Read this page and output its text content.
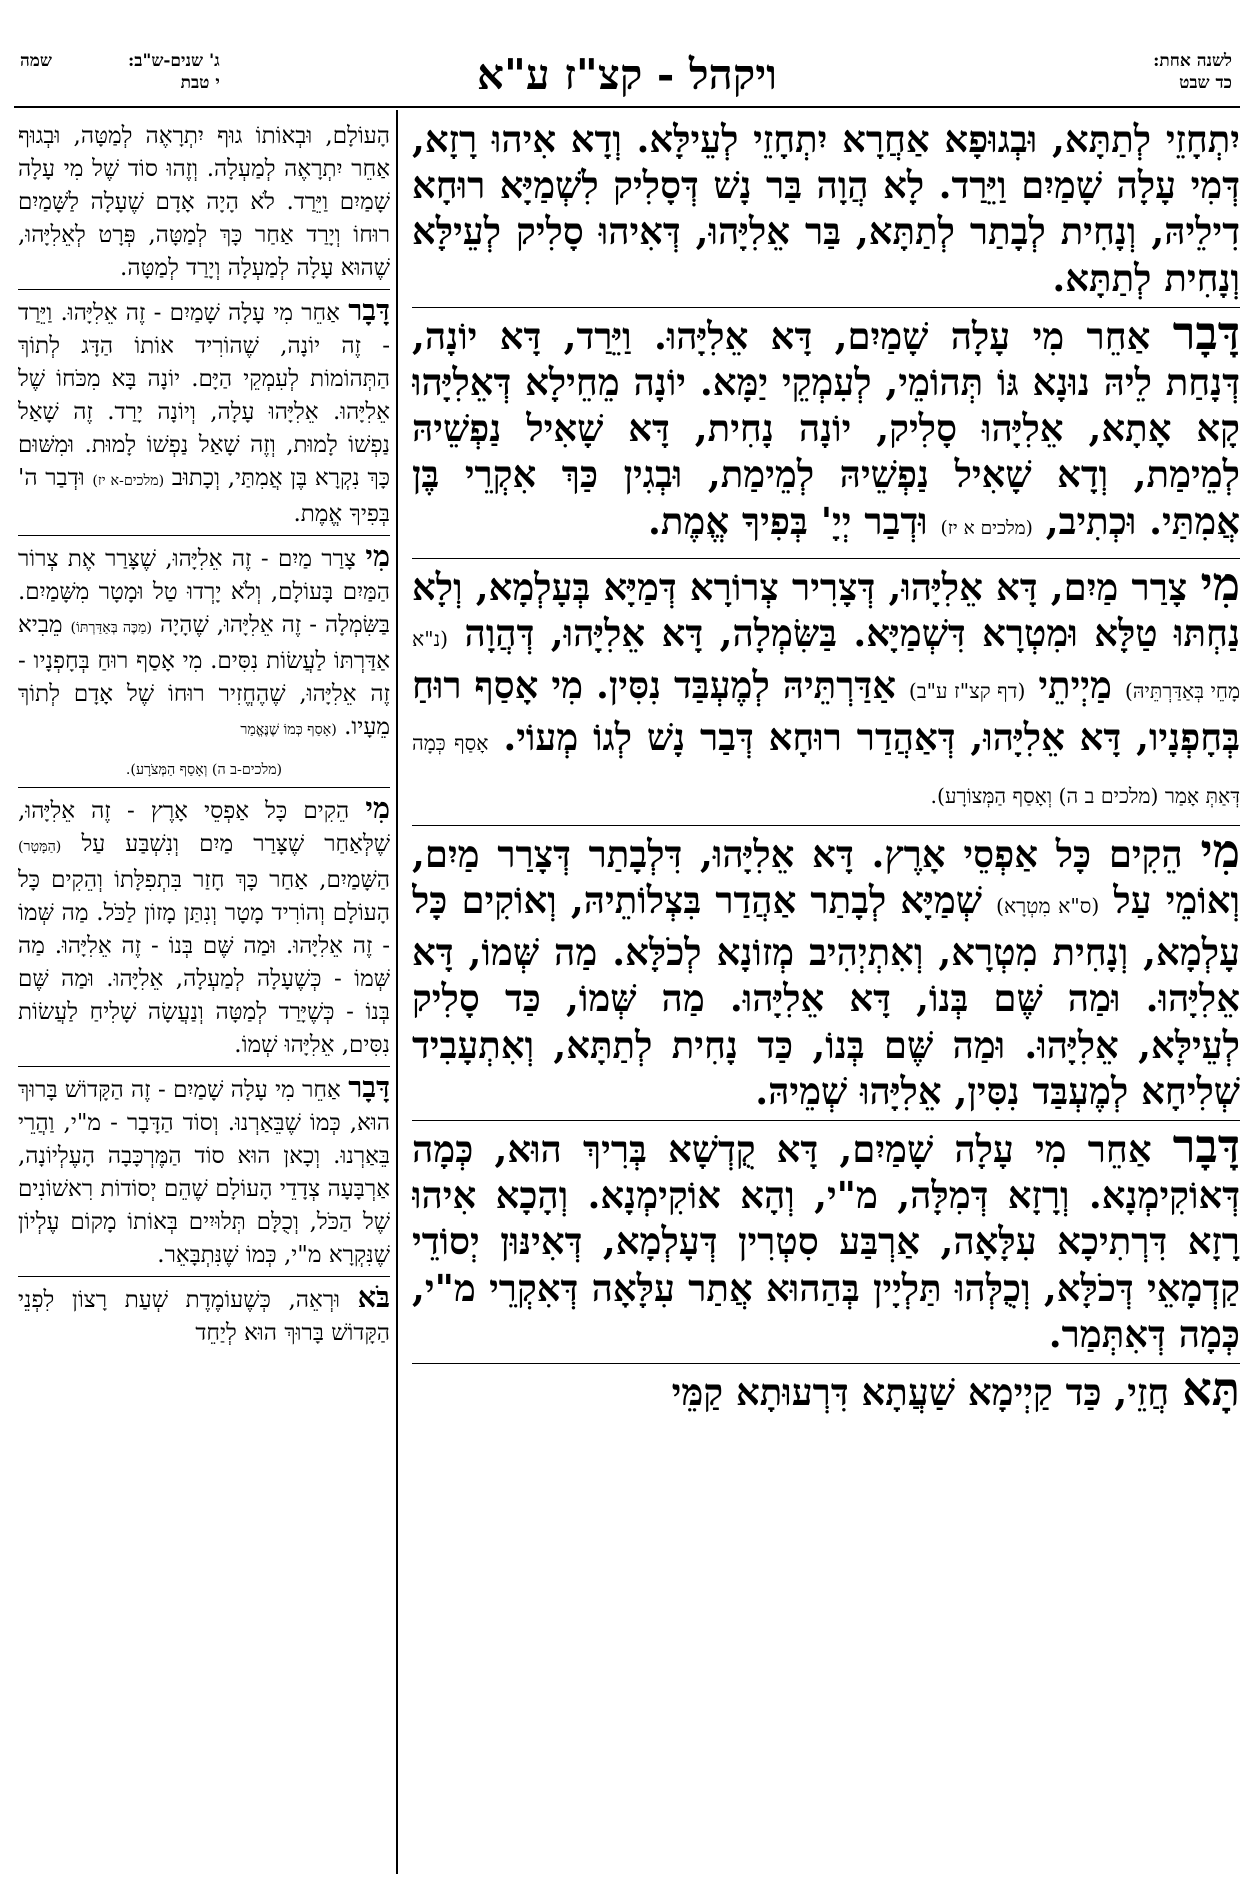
לשנה אחת:
כד שבט
ויקהל - קצ"ז ע"א
ג' שנים-ש"ב:
י טבת
שמה

יִתְחָזֵי לְתַתָּא, וּבְגוּפָא אַחֲרָא יִתְחָזֵי לְעֵילָּא. וְדָא אִיהוּ רָזָא, דְּמִי עָלָה שָׁמַיִם וַיֵּרַד. לָא הֲוָה בַּר נָשׁ דְּסָלִיק לִשְׁמַיָּא רוּחָא דִילֵיהּ, וְנָחִית לְבָתַר לְתַתָּא, בַּר אֵלִיָּהוּ, דְּאִיהוּ סָלִיק לְעֵילָּא וְנָחִית לְתַתָּא.

דָּבָר אַחֵר מִי עָלָה שָׁמַיִם, דָּא אֵלִיָּהוּ. וַיֵּרַד, דָּא יוֹנָה, דְּנָחַת לֵיהּ נוּנָא גּוֹ תְּהוֹמֵי, לְעִמְקֵי יַמָּא. יוֹנָה מֵחֵילָא דְּאֵלִיָּהוּ קָא אָתָא, אֵלִיָּהוּ סָלִיק, יוֹנָה נָחִית, דָּא שָׁאִיל נַפְשֵׁיהּ לְמֵימַת, וְדָא שָׁאִיל נַפְשֵׁיהּ לְמֵימַת, וּבְגִין כַּךְ אִקְרֵי בֶּן אֲמִתַּי. וּכְתִיב, (מלכים א יז) וּדְבַר יְיָ' בְּפִיךָ אֱמֶת.

מִי צָרַר מַיִם, דָּא אֵלִיָּהוּ, דְּצָרִיר צְרוֹרָא דְּמַיָּא בְּעָלְמָא, וְלָא נַחְתּוּ טַלָּא וּמִטְרָא דִּשְׁמַיָּא. בַּשִּׂמְלָה, דָּא אֵלִיָּהוּ, דְּהֲוָה (נ"א מָחֵי בְּאַדַּרְתֵּיהּ) מַיְיתֵי (דף קצ"ז ע"ב) אַדַּרְתֵּיהּ לְמֶעְבַּד נִסִּין. מִי אָסַף רוּחַ בְּחָפְנָיו, דָּא אֵלִיָּהוּ, דְּאַהֲדַר רוּחָא דְּבַר נָשׁ לְגוֹ מְעוֹי. אָסַף כְּמָה דְּאַתְּ אָמַר (מלכים ב ה) וְאָסַף הַמְּצוֹרָע).

מִי הֵקִים כָּל אַפְסֵי אָרֶץ. דָּא אֵלִיָּהוּ, דִּלְבָתַר דְּצָרַר מַיִם, וְאוֹמֵי עַל (ס"א מִטְרָא) שְׁמַיָּא לְבָתַר אַהֲדַר בִּצְלוֹתֵיהּ, וְאוֹקִים כָּל עָלְמָא, וְנָחִית מִטְרָא, וְאִתְיְהִיב מְזוֹנָא לְכֹלָּא. מַה שְּׁמוֹ, דָּא אֵלִיָּהוּ. וּמַה שֶּׁם בְּנוֹ, דָּא אֵלִיָּהוּ. מַה שְּׁמוֹ, כַּד סָלִיק לְעֵילָּא, אֵלִיָּהוּ. וּמַה שֶּׁם בְּנוֹ, כַּד נָחִית לְתַתָּא, וְאִתְעָבִיד שְׁלִיחָא לְמֶעְבַּד נִסִּין, אֵלִיָּהוּ שְׁמֵיהּ.

דָּבָר אַחֵר מִי עָלָה שָׁמַיִם, דָּא קֻדְשָׁא בְּרִיךְ הוּא, כְּמָה דְּאוֹקִימְנָא. וְרָזָא דְּמִלָּה, מ"י, וְהָא אוֹקִימְנָא. וְהָכָא אִיהוּ רָזָא דִּרְתִיכָא עִלָּאָה, אַרְבַּע סִטְרִין דְּעָלְמָא, דְּאִינּוּן יְסוֹדֵי קַדְמָאֵי דְּכֹלָּא, וְכֻלְּהוּ תַּלְיָין בְּהַהוּא אֲתַר עִלָּאָה דְּאִקְרֵי מ"י, כְּמָה דְּאִתְּמַר.

תָּא חֲזֵי, כַּד קַיְימָא שַׁעֲתָא דִּרְעוּתָא קַמֵּי

הָעוֹלָם, וּבְאוֹתוֹ גוּף יִתְרָאֶה לְמַטָּה, וּבְגוּף אַחֵר יִתְרָאֶה לְמַעְלָה. וְזֶהוּ סוֹד שֶׁל מִי עָלָה שָׁמַיִם וַיֵּרַד. לֹא הָיָה אָדָם שֶׁעָלָה לַשָּׁמַיִם רוּחוֹ וְיָרַד אַחַר כָּךְ לְמַטָּה, פְּרָט לְאֵלִיָּהוּ, שֶׁהוּא עָלָה לְמַעְלָה וְיָרַד לְמַטָּה.

דָּבָר אַחֵר מִי עָלָה שָׁמַיִם - זֶה אֵלִיָּהוּ. וַיֵּרַד - זֶה יוֹנָה, שֶׁהוֹרִיד אוֹתוֹ הַדָּג לְתוֹךְ הַתְּהוֹמוֹת לְעִמְקֵי הַיָּם. יוֹנָה בָּא מִכֹּחוֹ שֶׁל אֵלִיָּהוּ. אֵלִיָּהוּ עָלָה, וְיוֹנָה יָרַד. זֶה שָׁאַל נַפְשׁוֹ לָמוּת, וְזֶה שָׁאַל נַפְשׁוֹ לָמוּת. וּמִשּׁוּם כָּךְ נִקְרָא בֶּן אֲמִתַּי, וְכָתוּב (מלכים-א יז) וּדְבַר ה' בְּפִיךָ אֱמֶת.

מִי צָרַר מַיִם - זֶה אֵלִיָּהוּ, שֶׁצָּרַר אֶת צְרוֹר הַמַּיִם בָּעוֹלָם, וְלֹא יָרְדוּ טַל וּמָטָר מִשָּׁמַיִם. בַּשִּׂמְלָה - זֶה אֵלִיָּהוּ, שֶׁהָיָה (מַכֶּה בְּאַדַּרְתּוֹ) מֵבִיא אַדַּרְתּוֹ לַעֲשׂוֹת נִסִּים. מִי אָסַף רוּחַ בְּחָפְנָיו - זֶה אֵלִיָּהוּ, שֶׁהֶחֱזִיר רוּחוֹ שֶׁל אָדָם לְתוֹךְ מֵעָיו. (אָסַף כְּמוֹ שֶׁנֶּאֱמַר

(מלכים-ב ה) וְאָסַף הַמְּצֹרָע).

מִי הֵקִים כָּל אַפְסֵי אָרֶץ - זֶה אֵלִיָּהוּ, שֶׁלְּאַחַר שֶׁצָּרַר מַיִם וְנִשְׁבַּע עַל (הַמָּטָר) הַשָּׁמַיִם, אַחַר כָּךְ חָזַר בִּתְפִלָּתוֹ וְהֵקִים כָּל הָעוֹלָם וְהוֹרִיד מָטָר וְנִתַּן מָזוֹן לַכֹּל. מַה שְּׁמוֹ - זֶה אֵלִיָּהוּ. וּמַה שֶּׁם בְּנוֹ - זֶה אֵלִיָּהוּ. מַה שְּׁמוֹ - כְּשֶׁעָלָה לְמַעְלָה, אֵלִיָּהוּ. וּמַה שֶּׁם בְּנוֹ - כְּשֶׁיָּרַד לְמַטָּה וְנַעֲשָׂה שָׁלִיחַ לַעֲשׂוֹת נִסִּים, אֵלִיָּהוּ שְׁמוֹ.

דָּבָר אַחֵר מִי עָלָה שָׁמַיִם - זֶה הַקָּדוֹשׁ בָּרוּךְ הוּא, כְּמוֹ שֶׁבֵּאַרְנוּ. וְסוֹד הַדָּבָר - מ"י, וַהֲרֵי בֵּאַרְנוּ. וְכָאן הוּא סוֹד הַמֶּרְכָּבָה הָעֶלְיוֹנָה, אַרְבָּעָה צְדָדֵי הָעוֹלָם שֶׁהֵם יְסוֹדוֹת רִאשׁוֹנִים שֶׁל הַכֹּל, וְכֻלָּם תְּלוּיִים בְּאוֹתוֹ מָקוֹם עֶלְיוֹן שֶׁנִּקְרָא מ"י, כְּמוֹ שֶׁנִּתְבָּאֵר.

בֹּא וּרְאֵה, כְּשֶׁעוֹמֶדֶת שְׁעַת רָצוֹן לִפְנֵי הַקָּדוֹשׁ בָּרוּךְ הוּא לְיַחֵד
